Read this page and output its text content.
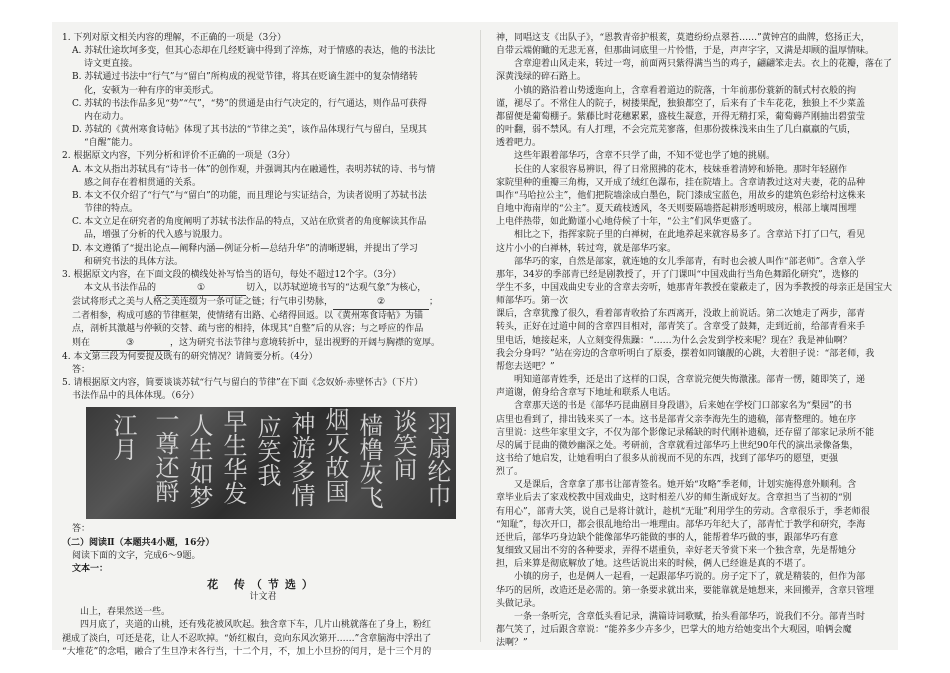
1. 下列对原文相关内容的理解，不正确的一项是（3分）

A. 苏轼仕途坎坷多变，但其心态却在几经贬谪中得到了淬炼，对于情感的表达，他的书法比

诗文更直接。

B. 苏轼通过书法中“行气”与“留白”所构成的视觉节律，将其在贬谪生涯中的复杂情绪转

化，安顿为一种有序的审美形式。

C. 苏轼的书法作品多见“势”“气”，“势”的贯通是由行气决定的，行气通达，则作品可获得

内在动力。

D. 苏轼的《黄州寒食诗帖》体现了其书法的“节律之美”，该作品体现行气与留白，呈现其

“自醒”能力。

2. 根据原文内容，下列分析和评价不正确的一项是（3分）

A. 本文从指出苏轼具有“诗书一体”的创作观，并强调其内在融通性，表明苏轼的诗、书与情

感之间存在着相贯通的关系。

B. 本文不仅介绍了“行气”与“留白”的功能，而且理论与实证结合，为读者说明了苏轼书法

节律的特点。

C. 本文立足在研究者的角度阐明了苏轼书法作品的特点，又站在欣赏者的角度解读其作品

品，增强了分析的代入感与说服力。

D. 本文遵循了“提出论点—阐释内涵—例证分析—总结升华”的清晰逻辑，并提出了学习

和研究书法的具体方法。

3. 根据原文内容，在下面文段的横线处补写恰当的语句，每处不超过12个字。（3分）

本文从书法作品的	①	切入，以苏轼逆境书写的“达观气象”为核心，

尝试将形式之美与人格之美连缀为一条可证之链；行气串引势脉，	②	；

二者相参，构成可感的节律框架，使情绪有出路、心绪得回返。以《黄州寒食诗帖》为锚

点，剖析其激越与停顿的交替、疏与密的相持，体现其“自整”后的从容；与之呼应的作品

则在	③	，这为研究书法节律与意境转折中，显出视野的开阔与胸襟的宽厚。

4. 本文第三段为何要提及既有的研究情况？请简要分析。（4分）

答：

5. 请根据原文内容，简要谈谈苏轼“行气与留白的节律”在下面《念奴娇·赤壁怀古》（下片）

书法作品中的具体体现。（6分）

羽扇纶巾
谈笑间
樯橹灰飞
烟灭故国
神游多情
应笑我
早生华发
人生如梦
一尊还酹
江月

答：

（二）阅读Ⅱ（本题共4小题，16分）

阅读下面的文字，完成6～9题。

文本一：

花 传（节选）

计文君

山上，春果然送一些。

四月底了，夹道的山桃，还有残花被风吹起。独含章下车，几片山桃就落在了身上，粉红

褪成了淡白，可还是花，让人不忍吹掉。“娇红椒白，竞向东风次第开……”含章脑海中浮出了

“大堆花”的念唱，融合了生旦净末各行当，十二个月，不，加上小旦扮的闰月，是十三个月的

神，同唱这支《出队子》，“恩教青帝护根荄，莫遣纷纷点翠苔……”黄钟宫的曲牌，悠扬正大，

自带云端俯瞰的无悲无喜，但那曲词底里一片怜惜，于是，声声字字，又满是却顾的温厚情味。

含章迎着山风走来，转过一弯，前面两只紫得满当当的鸡子，翩翩笨走去。衣上的花瓣，落在了

深黄浅绿的碎石路上。

小镇的路沿着山势逶迤向上，含章看着道边的院落，十年前那份蓑新的制式村衣般的拘

谨，褪尽了。不常住人的院子，树搂果配，独狼都空了，后来有了卡车花花，独狼上不少菜盖

都留便是葡萄棚子。紫藤比时花穗累累，盛枝生凝意，开得无精打采，葡萄薅芦刚抽出碧萤莹

的叶翻，弱不禁风。有人打理，不会完荒芜寥落，但那份拨株浅来由生了几白羸羸的气质，

透着吧力。

这些年跟着部华巧，含章不只学了曲，不知不觉也学了她的挑剔。

长住的人家很容易辨识，得了日常照拂的花木，枝妹垂着清婷和娇艳。那时年轻剧作

家院里种的重瓣三角梅，又开成了绒红色瀑布，挂在院墙上。含章请教过这对夫妻，花的品种

叫作“马哈拉公主”，他们把院墙涂成白墨色，院门漆成宝蓝色，用故乡的建筑色彩给村这株来

自地中海南岸的“公主”。夏天疏枝透风，冬天则要隔墙搭起耕形透明玻房，根部上壤周围埋

上电伴热带，如此勤谨小心地侍候了十年，“公主”们风华更盛了。

相比之下，指挥家院子里的白禅树，在此地养起来就容易多了。含章站下打了口气，看见

这片小小的白禅林，转过弯，就是部华巧家。

部华巧的家，自然是部家，就连她的女儿季部青，有时也会被人叫作“部老师”。含章入学

那年，34岁的季部青已经是剧教授了，开了门课叫“中国戏曲行当角色舞蹈化研究”，选修的

学生不多，中国戏曲史专业的含章去旁听，她那青年教授在蒙蔽走了，因为季教授的母亲正是国宝大师部华巧。第一次

课后，含章犹豫了很久，看着部青收拾了东西离开，没敢上前说话。第二次她走了两步，部青

转头，正好在过道中间的含章四目相对，部青笑了。含章受了鼓舞，走到近前，给部青看来手

里电话，她接起来，人立刻变得焦躁：“……为什么会发到学校来呢？现在？我是神仙啊？

我会分身吗？”站在旁边的含章听明白了原委，摆着如同镶靓的心跳，大着胆子说：“部老师，我

帮您去送吧？”

明知道部青姓季，还是出了这样的口误，含章说完便失悔激涨。部青一愣，随即笑了，递

声道谢，俯身给含章写下地址和联系人电话。

含章那天送的书是《部华巧昆曲剧目身段谱》，后来她在学校门口部家名为“梨园”的书

店里也看到了，排出钱来买了一本。这书是部青父亲李海先生的遗稿，部青整理的。她在序

言里说：这些年家里文字，不仅为部个影像记录稀缺的时代刚补遗稿，还存留了部家记录所不能

尽的属于昆曲的微妙幽深之处。考研前，含章就看过部华巧上世纪90年代的演出录像备集，

这书给了她启发，让她看明白了很多从前视而不见的东西，找到了部华巧的愿望，更强

烈了。

又是课后，含章拿了那书让部青签名。她开始“攻略”季老师，计划实施得意外顺利。含

章毕业后去了家戏校教中国戏曲史，这时相差八岁的师生渐成好友。含章担当了当初的“别

有用心”，部青大笑，说自己是将计就计，趁机“无耻”利用学生的劳动。含章很乐于，季老师很

“知耻”，每次开口，都会很乱地给出一堆理由。部华巧年纪大了，部青忙于教学和研究，李海

还世后，部华巧身边缺个能像部华巧能做的事的人，能帮着华巧做的事，跟部华巧有意

复细致又屈出不穷的各种要求，弄得不堪重负，幸好老天爷赏下来一个独含章，先是帮她分

担，后来算是彻底解放了她。这些话说出来的时候，俩人已经谁是真的不堪了。

小镇的房子，也是俩人一起看，一起跟部华巧说的。房子定下了，就是精装的，但作为部

华巧的居所，改造还是必需的。第一条要求就出来，要能靠就是她想来，来回搬弄，含章只管埋

头做记录。

一条一条听完，含章低头看记录，满篇诗词歌赋，抬头看部华巧，说我们不分。部青当时

都气笑了，过后跟含章说：“能养多少卉多少，巴掌大的地方给她变出个大观园，咱俩会魔

法啊？”
